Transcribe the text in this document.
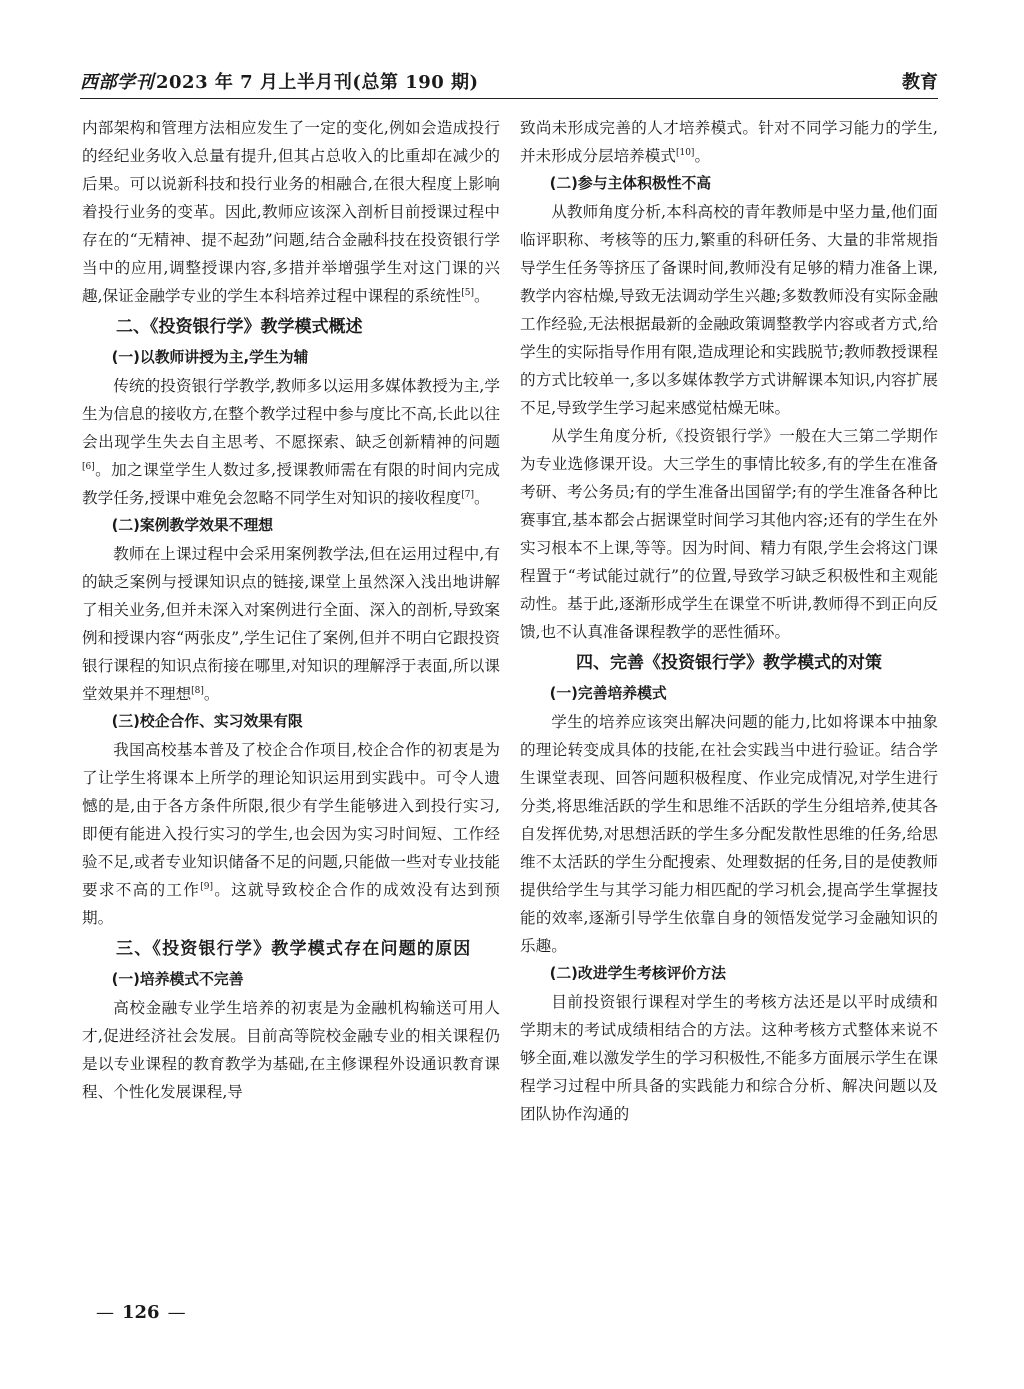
西部学刊 2023 年 7 月上半月刊(总第 190 期)	教育

内部架构和管理方法相应发生了一定的变化,例如会造成投行的经纪业务收入总量有提升,但其占总收入的比重却在减少的后果。可以说新科技和投行业务的相融合,在很大程度上影响着投行业务的变革。因此,教师应该深入剖析目前授课过程中存在的“无精神、提不起劲”问题,结合金融科技在投资银行学当中的应用,调整授课内容,多措并举增强学生对这门课的兴趣,保证金融学专业的学生本科培养过程中课程的系统性[5]。

二、《投资银行学》教学模式概述
(一)以教师讲授为主,学生为辅

传统的投资银行学教学,教师多以运用多媒体教授为主,学生为信息的接收方,在整个教学过程中参与度比不高,长此以往会出现学生失去自主思考、不愿探索、缺乏创新精神的问题[6]。加之课堂学生人数过多,授课教师需在有限的时间内完成教学任务,授课中难免会忽略不同学生对知识的接收程度[7]。

(二)案例教学效果不理想

教师在上课过程中会采用案例教学法,但在运用过程中,有的缺乏案例与授课知识点的链接,课堂上虽然深入浅出地讲解了相关业务,但并未深入对案例进行全面、深入的剖析,导致案例和授课内容“两张皮”,学生记住了案例,但并不明白它跟投资银行课程的知识点衔接在哪里,对知识的理解浮于表面,所以课堂效果并不理想[8]。

(三)校企合作、实习效果有限

我国高校基本普及了校企合作项目,校企合作的初衷是为了让学生将课本上所学的理论知识运用到实践中。可令人遗憾的是,由于各方条件所限,很少有学生能够进入到投行实习,即便有能进入投行实习的学生,也会因为实习时间短、工作经验不足,或者专业知识储备不足的问题,只能做一些对专业技能要求不高的工作[9]。这就导致校企合作的成效没有达到预期。

三、《投资银行学》教学模式存在问题的原因
(一)培养模式不完善

高校金融专业学生培养的初衷是为金融机构输送可用人才,促进经济社会发展。目前高等院校金融专业的相关课程仍是以专业课程的教育教学为基础,在主修课程外设通识教育课程、个性化发展课程,导

致尚未形成完善的人才培养模式。针对不同学习能力的学生,并未形成分层培养模式[10]。

(二)参与主体积极性不高

从教师角度分析,本科高校的青年教师是中坚力量,他们面临评职称、考核等的压力,繁重的科研任务、大量的非常规指导学生任务等挤压了备课时间,教师没有足够的精力准备上课,教学内容枯燥,导致无法调动学生兴趣;多数教师没有实际金融工作经验,无法根据最新的金融政策调整教学内容或者方式,给学生的实际指导作用有限,造成理论和实践脱节;教师教授课程的方式比较单一,多以多媒体教学方式讲解课本知识,内容扩展不足,导致学生学习起来感觉枯燥无味。

从学生角度分析,《投资银行学》一般在大三第二学期作为专业选修课开设。大三学生的事情比较多,有的学生在准备考研、考公务员;有的学生准备出国留学;有的学生准备各种比赛事宜,基本都会占据课堂时间学习其他内容;还有的学生在外实习根本不上课,等等。因为时间、精力有限,学生会将这门课程置于“考试能过就行”的位置,导致学习缺乏积极性和主观能动性。基于此,逐渐形成学生在课堂不听讲,教师得不到正向反馈,也不认真准备课程教学的恶性循环。

四、完善《投资银行学》教学模式的对策
(一)完善培养模式

学生的培养应该突出解决问题的能力,比如将课本中抽象的理论转变成具体的技能,在社会实践当中进行验证。结合学生课堂表现、回答问题积极程度、作业完成情况,对学生进行分类,将思维活跃的学生和思维不活跃的学生分组培养,使其各自发挥优势,对思想活跃的学生多分配发散性思维的任务,给思维不太活跃的学生分配搜索、处理数据的任务,目的是使教师提供给学生与其学习能力相匹配的学习机会,提高学生掌握技能的效率,逐渐引导学生依靠自身的领悟发觉学习金融知识的乐趣。

(二)改进学生考核评价方法

目前投资银行课程对学生的考核方法还是以平时成绩和学期末的考试成绩相结合的方法。这种考核方式整体来说不够全面,难以激发学生的学习积极性,不能多方面展示学生在课程学习过程中所具备的实践能力和综合分析、解决问题以及团队协作沟通的

— 126 —
